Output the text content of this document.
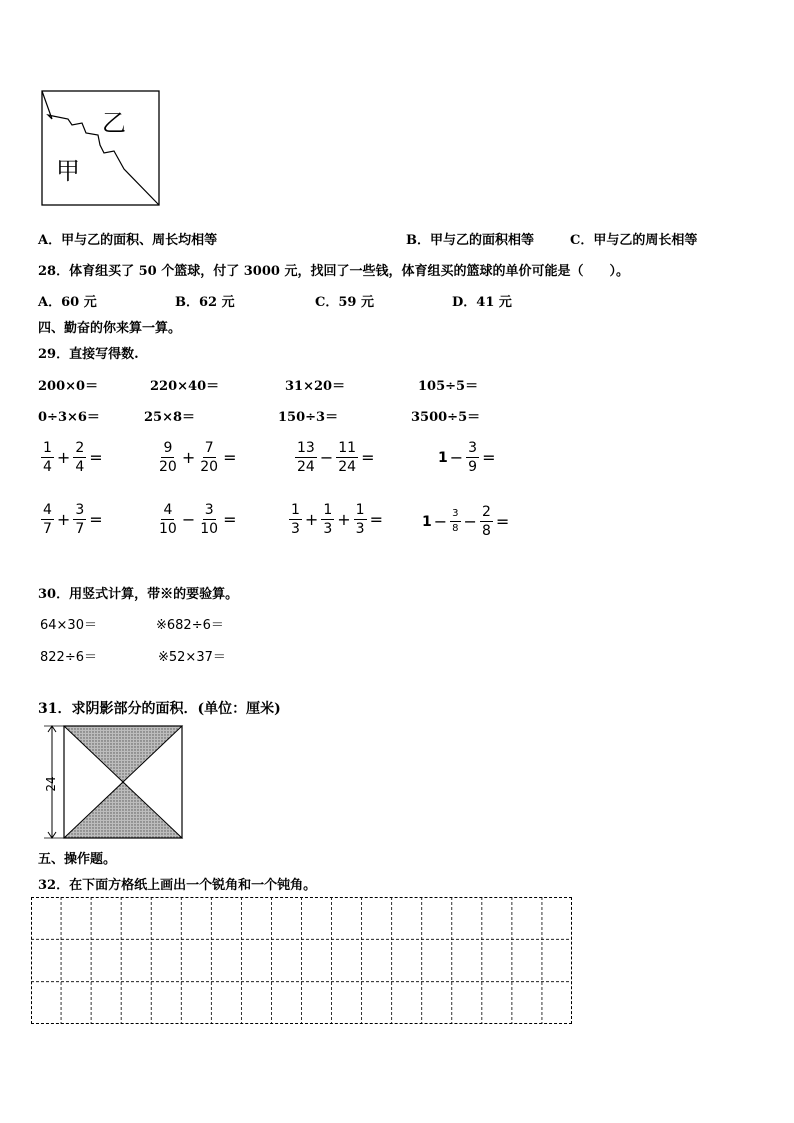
乙
甲
A．甲与乙的面积、周长均相等	B．甲与乙的面积相等	C．甲与乙的周长相等
28．体育组买了 50 个篮球，付了 3000 元，找回了一些钱，体育组买的篮球的单价可能是（　　）。
A．60 元	B．62 元	C．59 元	D．41 元
四、勤奋的你来算一算。
29．直接写得数.
200×0＝	220×40＝	31×20＝	105÷5＝
0÷3×6＝	25×8＝	150÷3＝	3500÷5＝
$\frac{1}{4} + \frac{2}{4}$ =	$\frac{9}{20} + \frac{7}{20}$ =	$\frac{13}{24} - \frac{11}{24}$ =	$1 - \frac{3}{9}$ =
$\frac{4}{7} + \frac{3}{7}$ =	$\frac{4}{10} - \frac{3}{10}$ =	$\frac{1}{3} + \frac{1}{3} + \frac{1}{3}$ =	$1 - \frac{3}{8} - \frac{2}{8}$ =
30．用竖式计算，带※的要验算。
64×30＝	※682÷6＝
822÷6＝	※52×37＝
31．求阴影部分的面积．(单位：厘米)
24
五、操作题。
32．在下面方格纸上画出一个锐角和一个钝角。
